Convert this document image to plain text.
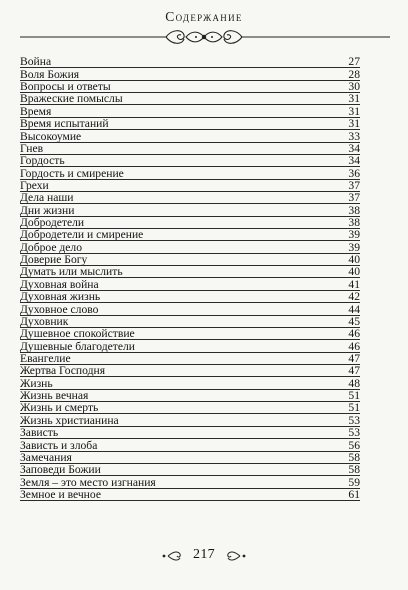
Содержание
Война	27
Воля Божия	28
Вопросы и ответы	30
Вражеские помыслы	31
Время	31
Время испытаний	31
Высокоумие	33
Гнев	34
Гордость	34
Гордость и смирение	36
Грехи	37
Дела наши	37
Дни жизни	38
Добродетели	38
Добродетели и смирение	39
Доброе дело	39
Доверие Богу	40
Думать или мыслить	40
Духовная война	41
Духовная жизнь	42
Духовное слово	44
Духовник	45
Душевное спокойствие	46
Душевные благодетели	46
Евангелие	47
Жертва Господня	47
Жизнь	48
Жизнь вечная	51
Жизнь и смерть	51
Жизнь христианина	53
Зависть	53
Зависть и злоба	56
Замечания	58
Заповеди Божии	58
Земля – это место изгнания	59
Земное и вечное	61
217
